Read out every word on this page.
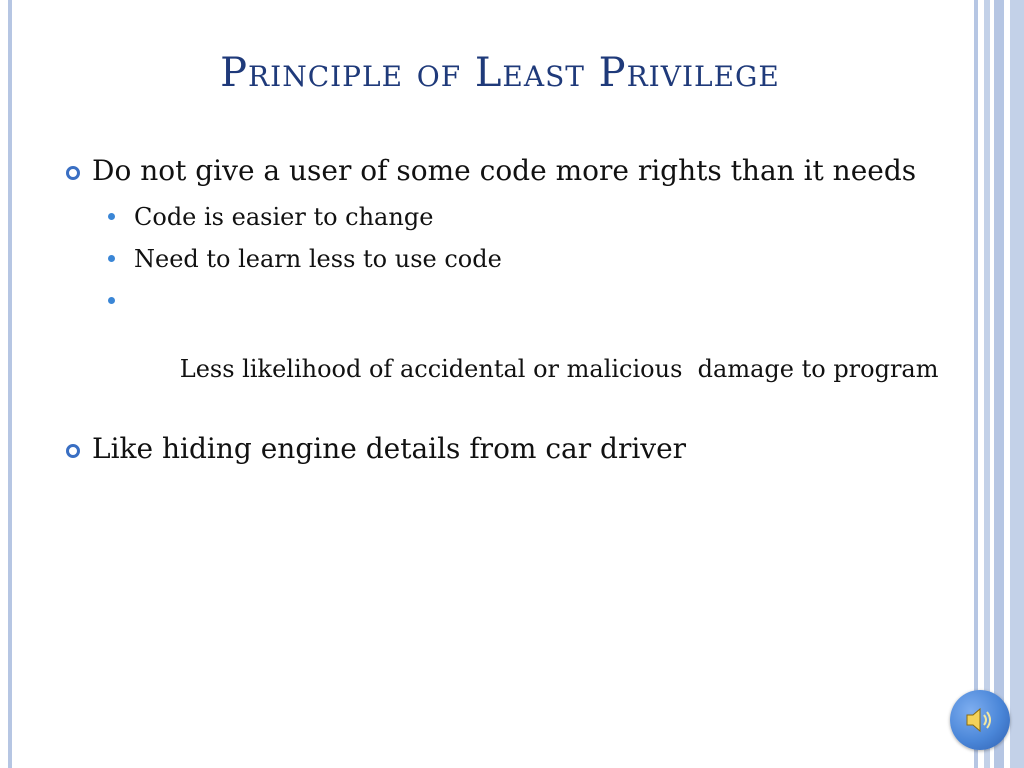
Principle of Least Privilege
Do not give a user of some code more rights than it needs
Code is easier to change
Need to learn less to use code

Less likelihood of accidental or malicious  damage to program

Like hiding engine details from car driver
